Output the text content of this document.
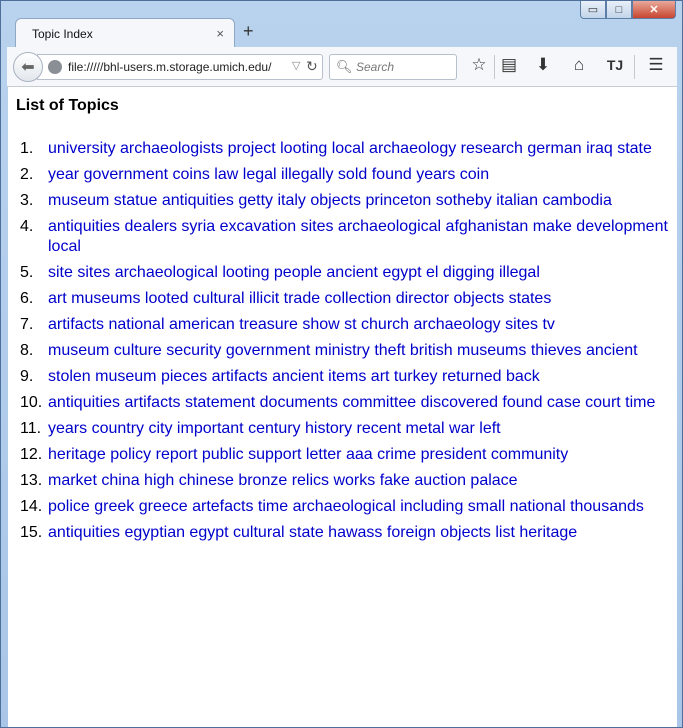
▭	□	✕
Topic Index	× +
file://///bhl-users.m.storage.umich.edu/	▽ ↻
⬅	🔍︎ Search	☆ ▤ ⬇	⌂	TJ ☰
List of Topics
1. university archaeologists project looting local archaeology research german iraq state
2. year government coins law legal illegally sold found years coin
3. museum statue antiquities getty italy objects princeton sotheby italian cambodia
4. antiquities dealers syria excavation sites archaeological afghanistan make development local
5. site sites archaeological looting people ancient egypt el digging illegal
6. art museums looted cultural illicit trade collection director objects states
7. artifacts national american treasure show st church archaeology sites tv
8. museum culture security government ministry theft british museums thieves ancient
9. stolen museum pieces artifacts ancient items art turkey returned back
10. antiquities artifacts statement documents committee discovered found case court time
11. years country city important century history recent metal war left
12. heritage policy report public support letter aaa crime president community
13. market china high chinese bronze relics works fake auction palace
14. police greek greece artefacts time archaeological including small national thousands
15. antiquities egyptian egypt cultural state hawass foreign objects list heritage
